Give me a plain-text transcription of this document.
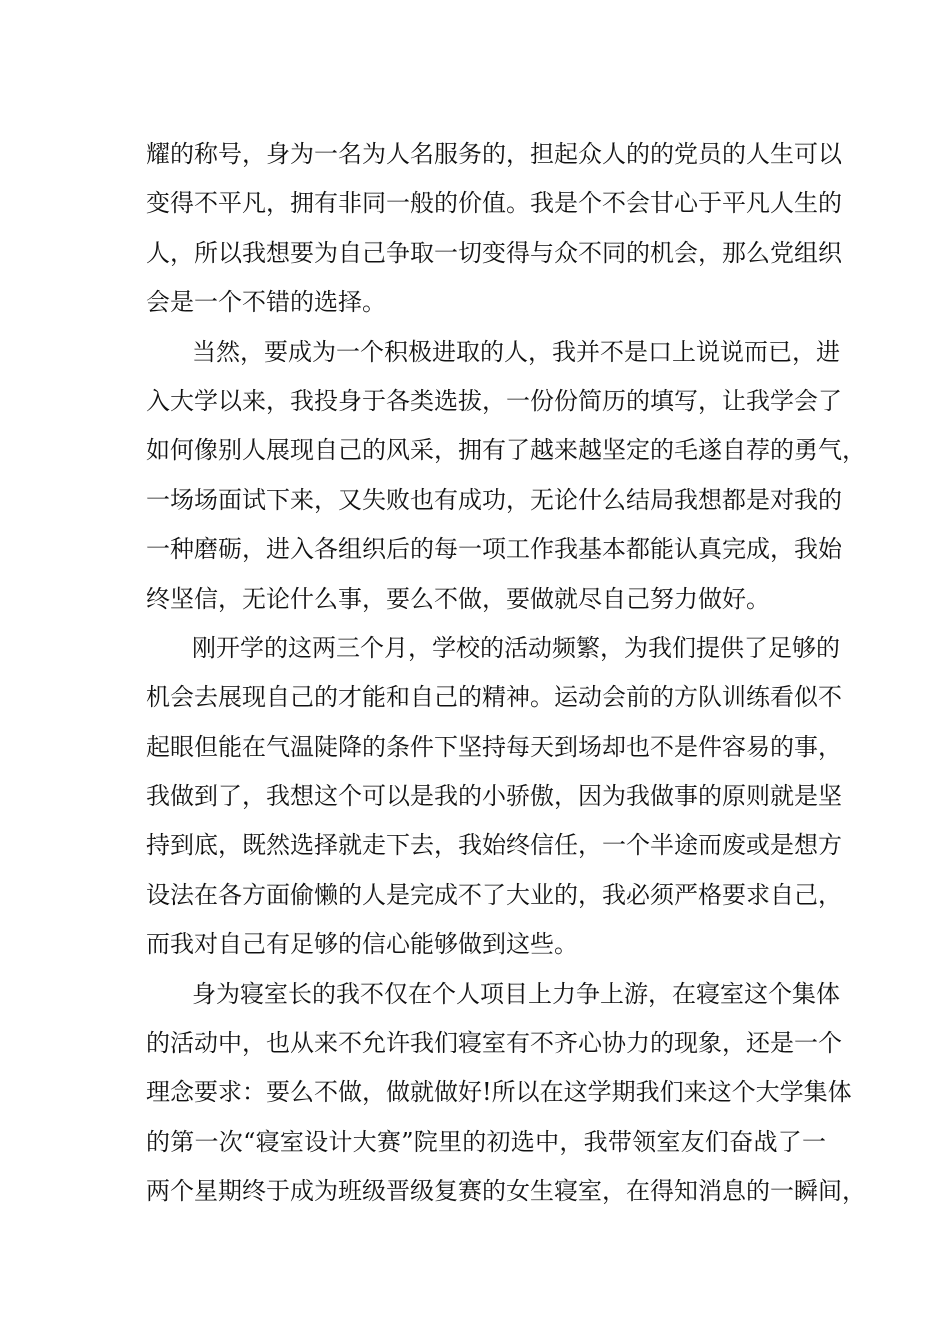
耀的称号，身为一名为人名服务的，担起众人的的党员的人生可以
变得不平凡，拥有非同一般的价值。我是个不会甘心于平凡人生的
人，所以我想要为自己争取一切变得与众不同的机会，那么党组织
会是一个不错的选择。
当然，要成为一个积极进取的人，我并不是口上说说而已，进
入大学以来，我投身于各类选拔，一份份简历的填写，让我学会了
如何像别人展现自己的风采，拥有了越来越坚定的毛遂自荐的勇气，
一场场面试下来，又失败也有成功，无论什么结局我想都是对我的
一种磨砺，进入各组织后的每一项工作我基本都能认真完成，我始
终坚信，无论什么事，要么不做，要做就尽自己努力做好。
刚开学的这两三个月，学校的活动频繁，为我们提供了足够的
机会去展现自己的才能和自己的精神。运动会前的方队训练看似不
起眼但能在气温陡降的条件下坚持每天到场却也不是件容易的事，
我做到了，我想这个可以是我的小骄傲，因为我做事的原则就是坚
持到底，既然选择就走下去，我始终信任，一个半途而废或是想方
设法在各方面偷懒的人是完成不了大业的，我必须严格要求自己，
而我对自己有足够的信心能够做到这些。
身为寝室长的我不仅在个人项目上力争上游，在寝室这个集体
的活动中，也从来不允许我们寝室有不齐心协力的现象，还是一个
理念要求：要么不做，做就做好!所以在这学期我们来这个大学集体
的第一次“寝室设计大赛”院里的初选中，我带领室友们奋战了一
两个星期终于成为班级晋级复赛的女生寝室，在得知消息的一瞬间，
